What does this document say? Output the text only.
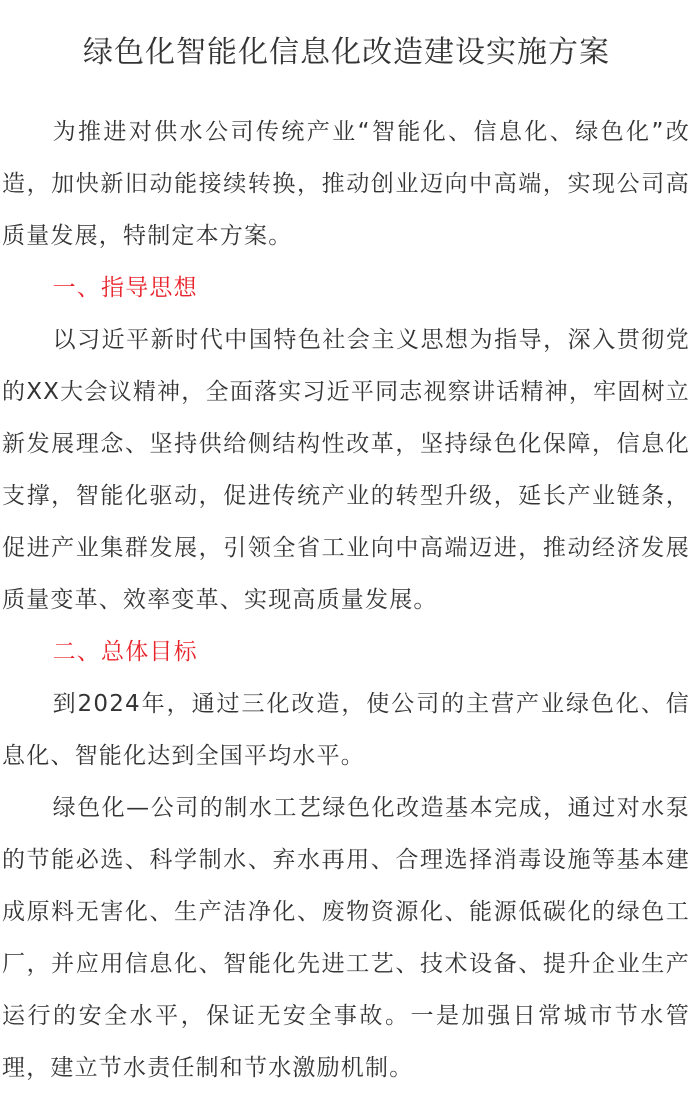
绿色化智能化信息化改造建设实施方案

为推进对供水公司传统产业“智能化、信息化、绿色化”改造，加快新旧动能接续转换，推动创业迈向中高端，实现公司高质量发展，特制定本方案。

一、指导思想

以习近平新时代中国特色社会主义思想为指导，深入贯彻党的XX大会议精神，全面落实习近平同志视察讲话精神，牢固树立新发展理念、坚持供给侧结构性改革，坚持绿色化保障，信息化支撑，智能化驱动，促进传统产业的转型升级，延长产业链条，促进产业集群发展，引领全省工业向中高端迈进，推动经济发展质量变革、效率变革、实现高质量发展。

二、总体目标

到2024年，通过三化改造，使公司的主营产业绿色化、信息化、智能化达到全国平均水平。

绿色化—公司的制水工艺绿色化改造基本完成，通过对水泵的节能必选、科学制水、弃水再用、合理选择消毒设施等基本建成原料无害化、生产洁净化、废物资源化、能源低碳化的绿色工厂，并应用信息化、智能化先进工艺、技术设备、提升企业生产运行的安全水平，保证无安全事故。一是加强日常城市节水管理，建立节水责任制和节水激励机制。
